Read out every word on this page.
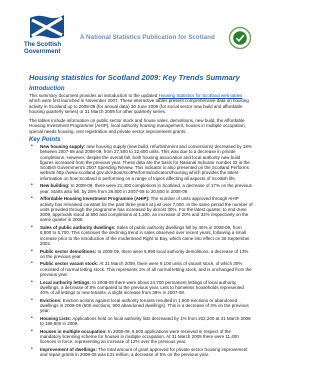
The Scottish
Government
A National Statistics Publication for Scotland
Housing statistics for Scotland 2009: Key Trends Summary
Introduction
This summary document provides an introduction to the updated Housing Statistics for Scotland web tables which were first launched in November 2007. These interactive tables present comprehensive data on housing activity in Scotland up to 2008-09 (for annual data) 30 June 2009 (for social sector new build and affordable housing quarterly series) or 31 March 2009 for other quarterly series.
The tables include information on public sector stock and house sales, demolitions, new build, the Affordable Housing Investment Programme (AHIP), local authority housing management, houses in multiple occupation, special needs housing, rent registration and private sector improvement grants.
Key Points
• New housing supply: new housing supply (new build, refurbishment and conversions) decreased by 18% between 2007-08 and 2008-09, from 27,500 to 22,600 units. This was due to a decrease in private completions. However, despite the overall fall, both housing association and local authority new build figures increased from the previous year. These data are the basis for National Indicator number 32 in the Scottish Government's 2007 Spending Review. This indicator is also presented on the Scotland Performs website http://www.scotland.gov.uk/About/scotPerforms/indicators/housing which provides the latest information on how Scotland is performing on a range of topics affecting all aspects of Scottish life.
• New building: In 2008-09, there were 21,400 completions in Scotland, a decrease of 17% on the previous year. Starts also fell, by 28% from 26,800 in 2007-08 to 20,500 in 2008-09.
• Affordable Housing Investment Programme (AHIP): The number of units approved through AHIP activity has remained constant for the past three years at just over 7,000. In the same period the number of units provided through the programme has increased by almost 30%. For the latest quarter, to end-June 2009, approvals stood at 890 and completions at 1,200, an increase of 20% and 32% respectively on the same quarter in 2008.
• Sales of public authority dwellings: Sales of public authority dwellings fell by 46% in 2008-09, from 8,800 to 5,700. This continues the declining trend in sales observed over recent years, following a small increase prior to the introduction of the modernised Right to Buy, which came into effect on 30 September 2002.
• Public sector demolitions: In 2008-09, there were 5,990 local authority demolitions, a decrease of 13% on the previous year.
• Public sector vacant stock: At 31 March 2009, there were 9,100 units of vacant stock, of which 30% consisted of normal letting stock. This represents 1% of all normal letting stock, and is unchanged from the previous year.
• Local authority lettings: In 2008-09 there were about 24,700 permanent lettings of local authority dwellings, a decrease of 8% compared to the previous year. Lets to homeless households represented 40% of all lettings to new tenants, a slight increase from 39% in 2007-08.
• Evictions: Eviction actions against local authority tenants resulted in 1,800 evictions or abandoned dwellings in 2008-09 (600 evictions, 900 abandoned dwellings). This is a decrease of 3% on the previous year.
• Housing Lists: Applications held on local authority lists decreased by 1% from 202,200 at 31 March 2008 to 199,800 in 2009.
• Houses in multiple occupation: In 2008-09, 8,500 applications were received in respect of the mandatory licensing scheme for houses in multiple occupation. At 31 March 2009 there were 11,400 licences in force, representing an increase of 12% over the previous year.
• Improvement of dwellings: The total amount of grant approved for private sector housing improvement and repair grants in 2008-09 was £31 million, a decrease of 5% on the previous year.
